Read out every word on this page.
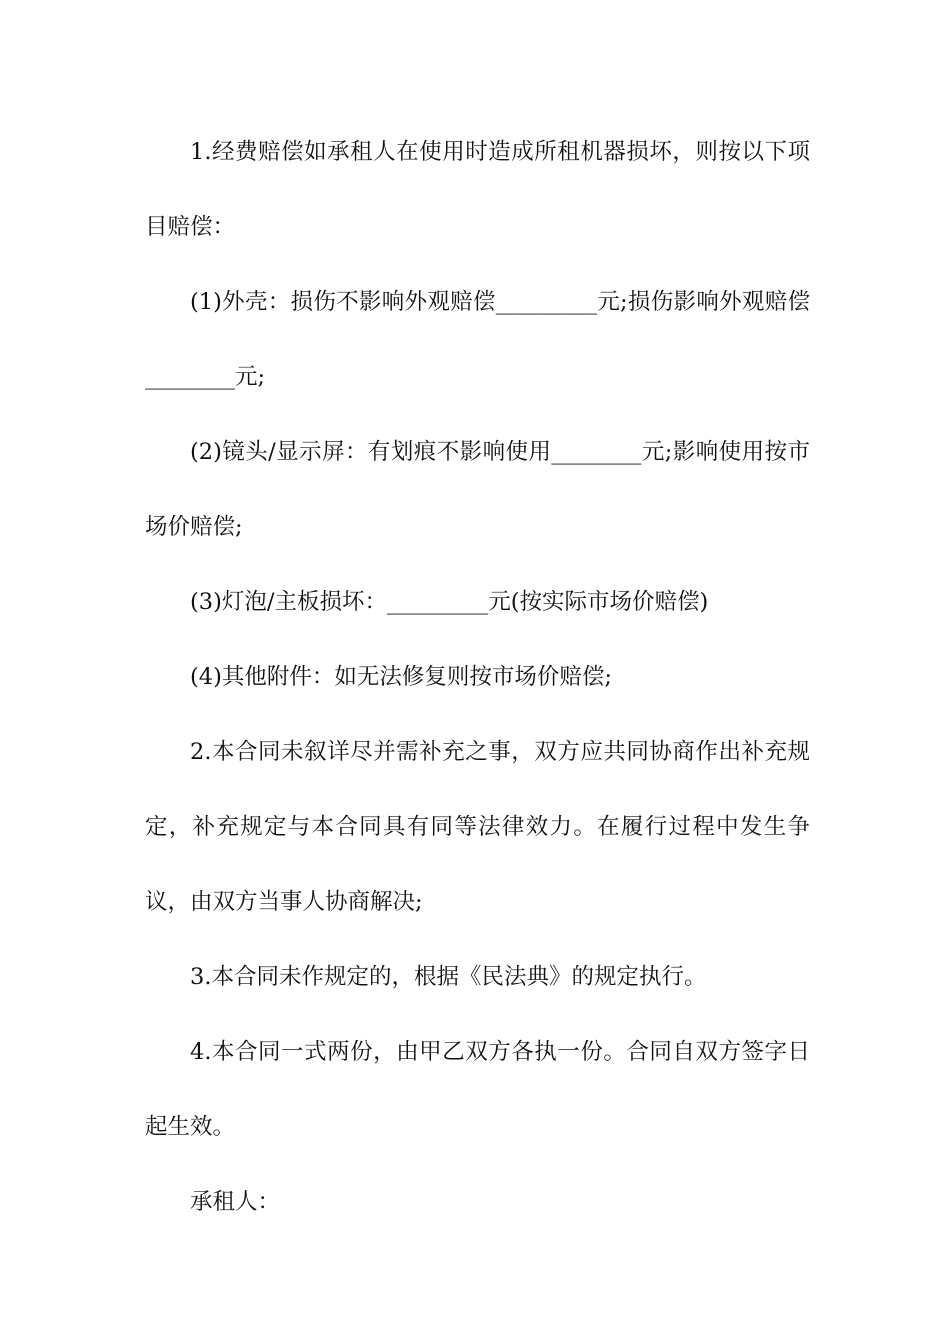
1.经费赔偿如承租人在使用时造成所租机器损坏，则按以下项目赔偿：

(1)外壳：损伤不影响外观赔偿_________元;损伤影响外观赔偿________元;

(2)镜头/显示屏：有划痕不影响使用________元;影响使用按市场价赔偿;

(3)灯泡/主板损坏：_________元(按实际市场价赔偿)

(4)其他附件：如无法修复则按市场价赔偿;

2.本合同未叙详尽并需补充之事，双方应共同协商作出补充规定，补充规定与本合同具有同等法律效力。在履行过程中发生争议，由双方当事人协商解决;

3.本合同未作规定的，根据《民法典》的规定执行。

4.本合同一式两份，由甲乙双方各执一份。合同自双方签字日起生效。

承租人：
